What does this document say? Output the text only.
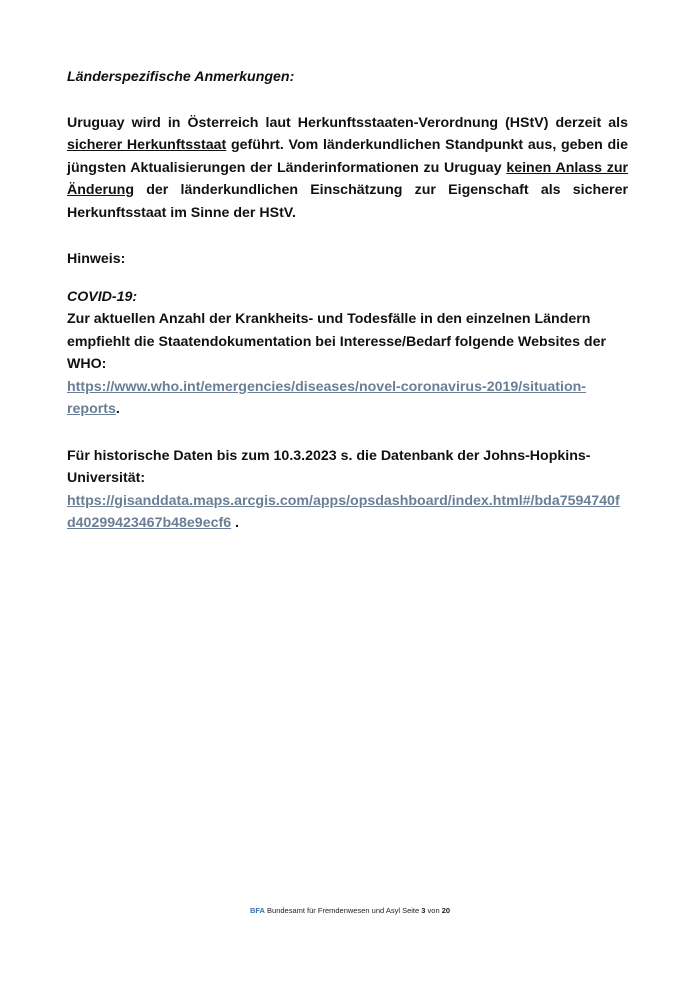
Länderspezifische Anmerkungen:

Uruguay wird in Österreich laut Herkunftsstaaten-Verordnung (HStV) derzeit als sicherer Herkunftsstaat geführt. Vom länderkundlichen Standpunkt aus, geben die jüngsten Aktualisierungen der Länderinformationen zu Uruguay keinen Anlass zur Änderung der länderkundlichen Einschätzung zur Eigenschaft als sicherer Herkunftsstaat im Sinne der HStV.

Hinweis:

COVID-19:

Zur aktuellen Anzahl der Krankheits- und Todesfälle in den einzelnen Ländern empfiehlt die Staatendokumentation bei Interesse/Bedarf folgende Websites der WHO:

https://www.who.int/emergencies/diseases/novel-coronavirus-2019/situation-reports.

Für historische Daten bis zum 10.3.2023 s. die Datenbank der Johns-Hopkins-Universität:

https://gisanddata.maps.arcgis.com/apps/opsdashboard/index.html#/bda7594740fd40299423467b48e9ecf6 .

BFA Bundesamt für Fremdenwesen und Asyl Seite 3 von 20
